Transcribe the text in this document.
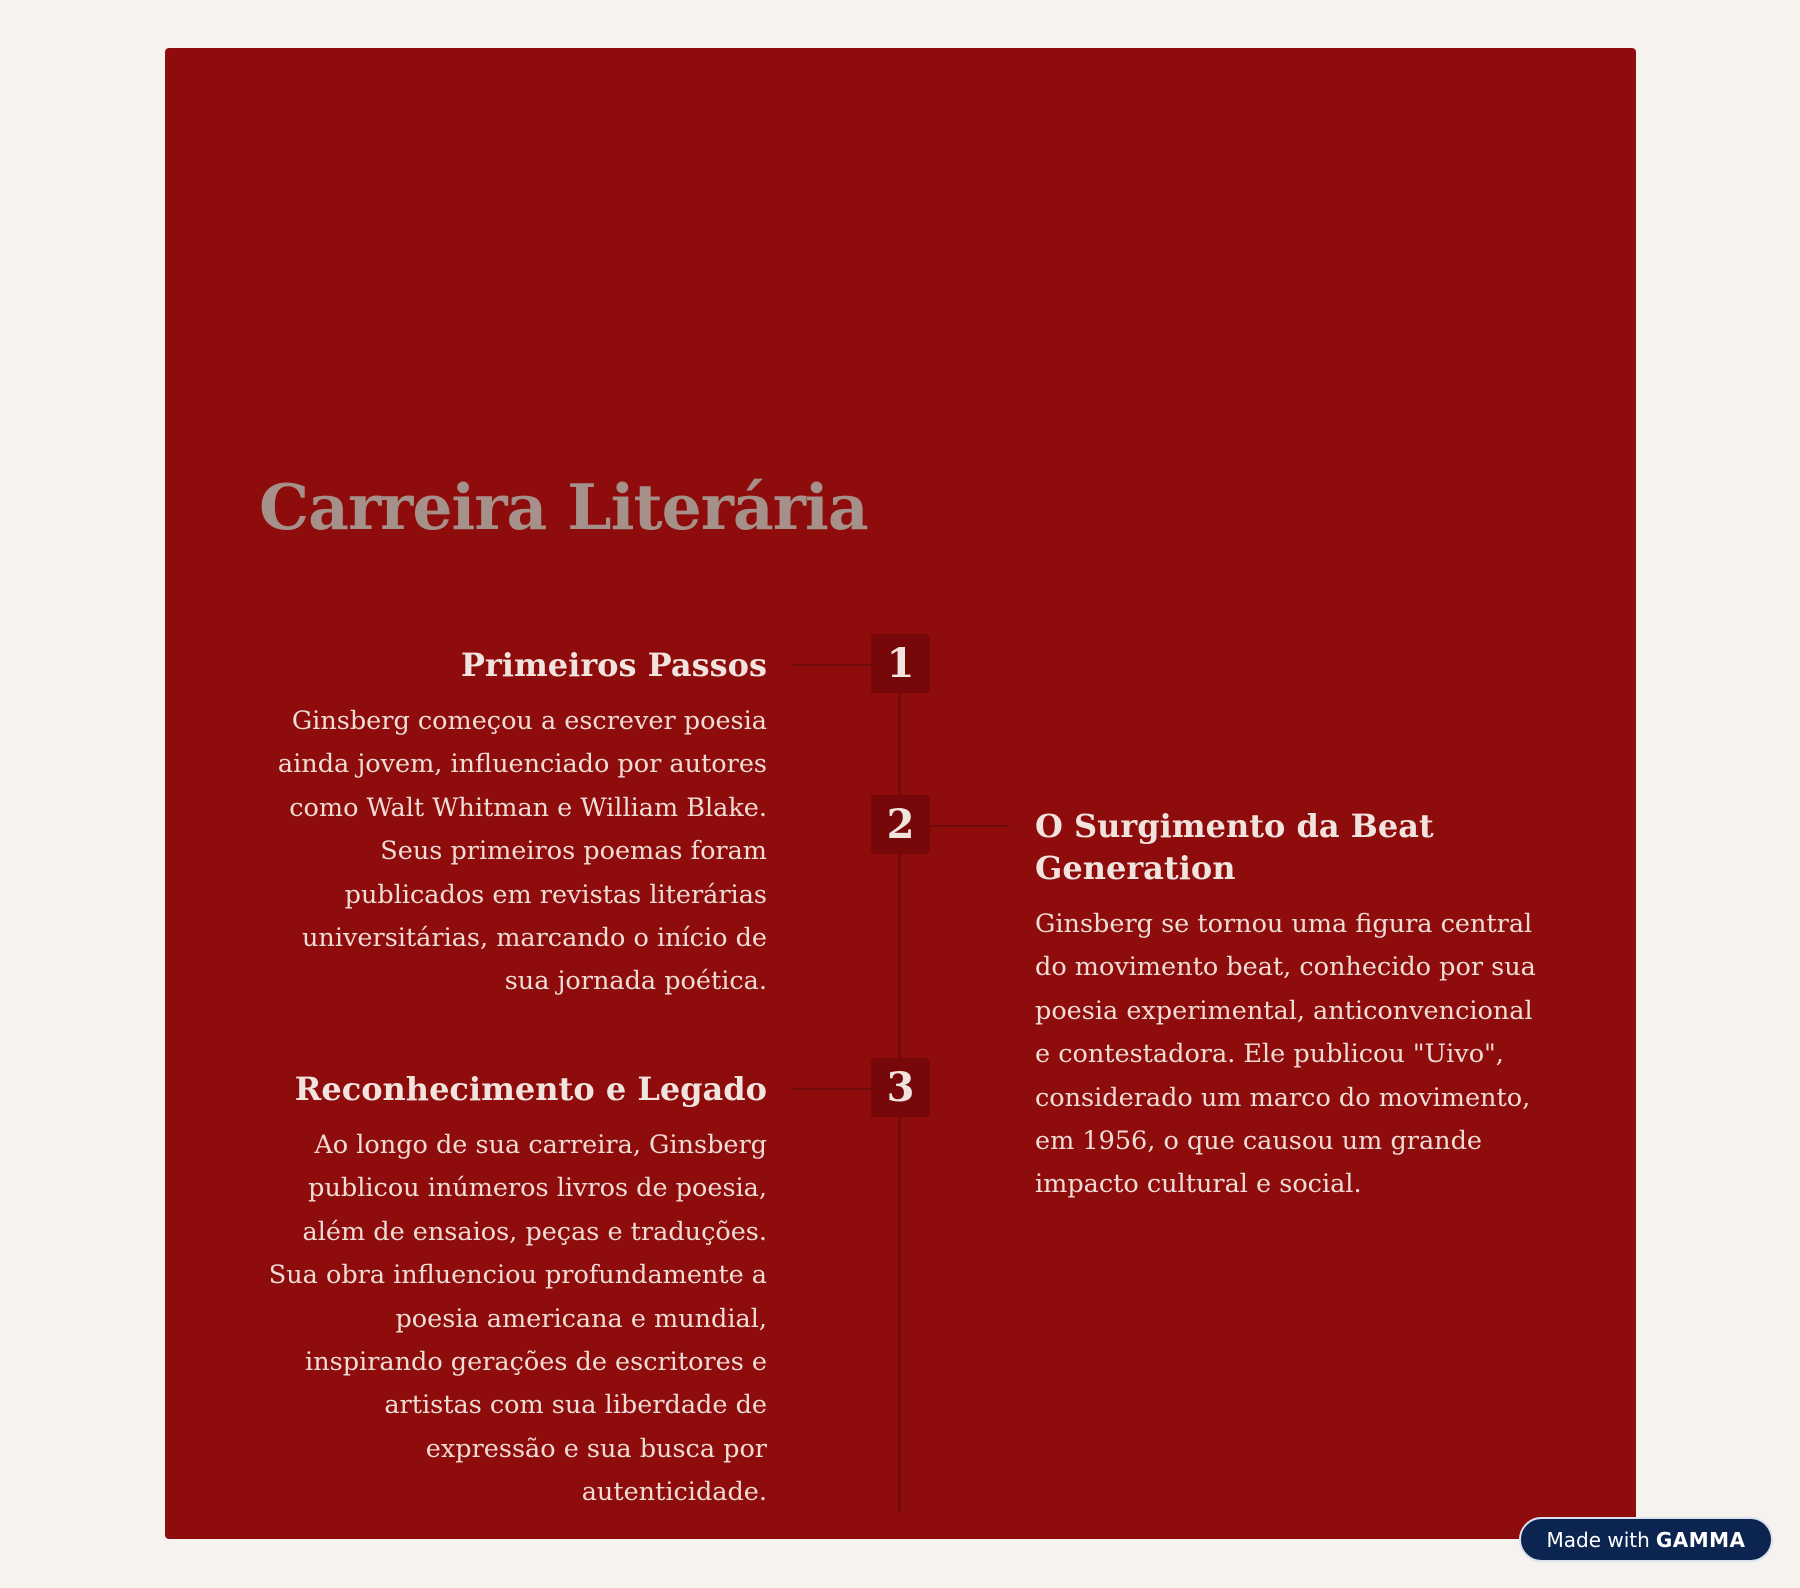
Carreira Literária
1
2
3
Primeiros Passos

Ginsberg começou a escrever poesia ainda jovem, influenciado por autores como Walt Whitman e William Blake. Seus primeiros poemas foram publicados em revistas literárias universitárias, marcando o início de sua jornada poética.

O Surgimento da Beat Generation

Ginsberg se tornou uma figura central do movimento beat, conhecido por sua poesia experimental, anticonvencional e contestadora. Ele publicou "Uivo", considerado um marco do movimento, em 1956, o que causou um grande impacto cultural e social.

Reconhecimento e Legado

Ao longo de sua carreira, Ginsberg publicou inúmeros livros de poesia, além de ensaios, peças e traduções. Sua obra influenciou profundamente a poesia americana e mundial, inspirando gerações de escritores e artistas com sua liberdade de expressão e sua busca por autenticidade.

Made with GAMMA
